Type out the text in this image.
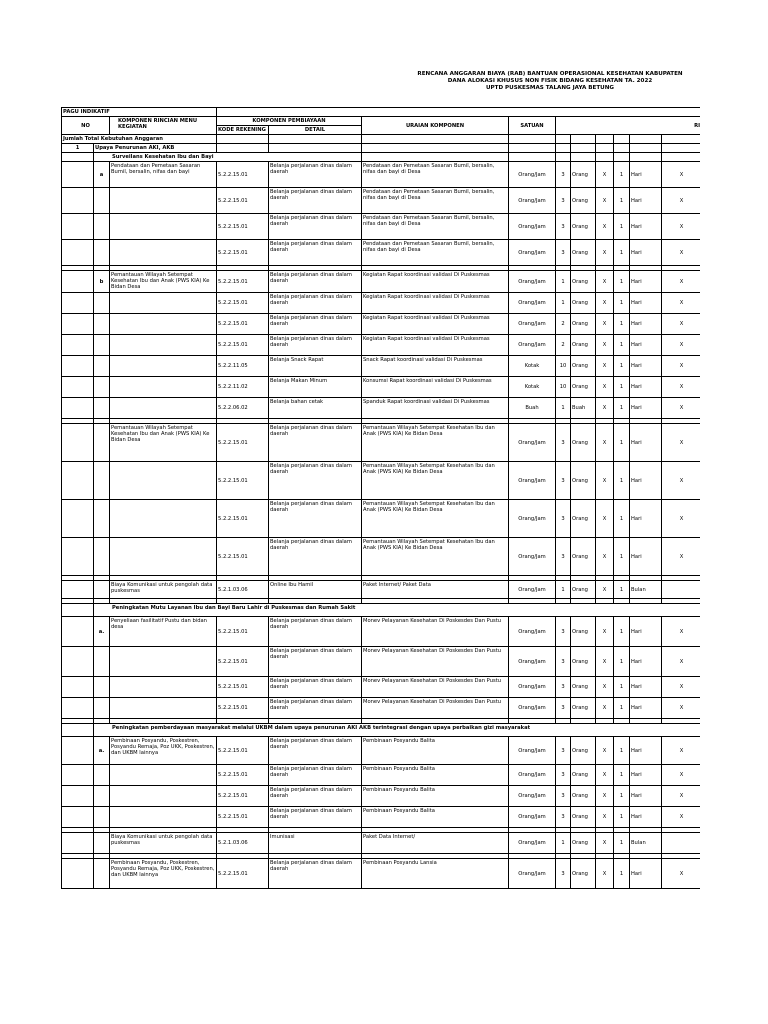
RENCANA ANGGARAN BIAYA (RAB) BANTUAN OPERASIONAL KESEHATAN KABUPATEN
DANA ALOKASI KHUSUS NON FISIK BIDANG KESEHATAN TA. 2022
UPTD PUSKESMAS TALANG JAYA BETUNG
PAGU INDIKATIF												
NO		KOMPONEN RINCIAN MENU KEGIATAN	KOMPONEN PEMBIAYAAN		URAIAN KOMPONEN	SATUAN	RI					
			KODE REKENING	DETAIL								
Jumlah Total Kebutuhan Anggaran												
1	Upaya Penurunan AKI, AKB											
	Surveilans Kesehatan Ibu dan Bayi											
	a	Pendataan dan Pemetaan Sasaran Bumil, bersalin, nifas dan bayi	5.2.2.15.01	Belanja perjalanan dinas dalam daerah	Pendataan dan Pemetaan Sasaran Bumil, bersalin, nifas dan bayi di Desa	Orang/Jam	3	Orang	X	1	Hari	X
			5.2.2.15.01	Belanja perjalanan dinas dalam daerah	Pendataan dan Pemetaan Sasaran Bumil, bersalin, nifas dan bayi di Desa	Orang/Jam	3	Orang	X	1	Hari	X
			5.2.2.15.01	Belanja perjalanan dinas dalam daerah	Pendataan dan Pemetaan Sasaran Bumil, bersalin, nifas dan bayi di Desa	Orang/Jam	3	Orang	X	1	Hari	X
			5.2.2.15.01	Belanja perjalanan dinas dalam daerah	Pendataan dan Pemetaan Sasaran Bumil, bersalin, nifas dan bayi di Desa	Orang/Jam	3	Orang	X	1	Hari	X

	b	Pemantauan Wilayah Setempat Kesehatan Ibu dan Anak (PWS KIA) Ke Bidan Desa	5.2.2.15.01	Belanja perjalanan dinas dalam daerah	Kegiatan Rapat koordinasi validasi Di Puskesmas	Orang/Jam	1	Orang	X	1	Hari	X
			5.2.2.15.01	Belanja perjalanan dinas dalam daerah	Kegiatan Rapat koordinasi validasi Di Puskesmas	Orang/Jam	1	Orang	X	1	Hari	X
			5.2.2.15.01	Belanja perjalanan dinas dalam daerah	Kegiatan Rapat koordinasi validasi Di Puskesmas	Orang/Jam	2	Orang	X	1	Hari	X
			5.2.2.15.01	Belanja perjalanan dinas dalam daerah	Kegiatan Rapat koordinasi validasi Di Puskesmas	Orang/Jam	2	Orang	X	1	Hari	X
			5.2.2.11.05	Belanja Snack Rapat	Snack Rapat koordinasi validasi Di Puskesmas	Kotak	10	Orang	X	1	Hari	X
			5.2.2.11.02	Belanja Makan Minum	Konsumsi Rapat koordinasi validasi Di Puskesmas	Kotak	10	Orang	X	1	Hari	X
			5.2.2.06.02	Belanja bahan cetak	Spanduk Rapat koordinasi validasi Di Puskesmas	Buah	1	Buah	X	1	Hari	X

		Pemantauan Wilayah Setempat Kesehatan Ibu dan Anak (PWS KIA) Ke Bidan Desa	5.2.2.15.01	Belanja perjalanan dinas dalam daerah	Pemantauan Wilayah Setempat Kesehatan Ibu dan Anak (PWS KIA) Ke Bidan Desa	Orang/Jam	3	Orang	X	1	Hari	X
			5.2.2.15.01	Belanja perjalanan dinas dalam daerah	Pemantauan Wilayah Setempat Kesehatan Ibu dan Anak (PWS KIA) Ke Bidan Desa	Orang/Jam	3	Orang	X	1	Hari	X
			5.2.2.15.01	Belanja perjalanan dinas dalam daerah	Pemantauan Wilayah Setempat Kesehatan Ibu dan Anak (PWS KIA) Ke Bidan Desa	Orang/Jam	3	Orang	X	1	Hari	X
			5.2.2.15.01	Belanja perjalanan dinas dalam daerah	Pemantauan Wilayah Setempat Kesehatan Ibu dan Anak (PWS KIA) Ke Bidan Desa	Orang/Jam	3	Orang	X	1	Hari	X

		Biaya Komunikasi untuk pengolah data puskesmas	5.2.1.03.06	Online Ibu Hamil	Paket Internet/ Paket Data	Orang/Jam	1	Orang	X	1	Bulan	

	Peningkatan Mutu Layanan Ibu dan Bayi Baru Lahir di Puskesmas dan Rumah Sakit											
	a.	Penyeliaan fasilitatif Pustu dan bidan desa	5.2.2.15.01	Belanja perjalanan dinas dalam daerah	Monev Pelayanan Kesehatan Di Poskesdes Dan Pustu	Orang/Jam	3	Orang	X	1	Hari	X
			5.2.2.15.01	Belanja perjalanan dinas dalam daerah	Monev Pelayanan Kesehatan Di Poskesdes Dan Pustu	Orang/Jam	3	Orang	X	1	Hari	X
			5.2.2.15.01	Belanja perjalanan dinas dalam daerah	Monev Pelayanan Kesehatan Di Poskesdes Dan Pustu	Orang/Jam	3	Orang	X	1	Hari	X
			5.2.2.15.01	Belanja perjalanan dinas dalam daerah	Monev Pelayanan Kesehatan Di Poskesdes Dan Pustu	Orang/Jam	3	Orang	X	1	Hari	X

	Peningkatan pemberdayaan masyarakat melalui UKBM dalam upaya penurunan AKI AKB terintegrasi dengan upaya perbaikan gizi masyarakat											
	a.	Pembinaan Posyandu, Poskestren, Posyandu Remaja, Poz UKK, Poskestren, dan UKBM lainnya	5.2.2.15.01	Belanja perjalanan dinas dalam daerah	Pembinaan Posyandu Balita	Orang/Jam	3	Orang	X	1	Hari	X
			5.2.2.15.01	Belanja perjalanan dinas dalam daerah	Pembinaan Posyandu Balita	Orang/Jam	3	Orang	X	1	Hari	X
			5.2.2.15.01	Belanja perjalanan dinas dalam daerah	Pembinaan Posyandu Balita	Orang/Jam	3	Orang	X	1	Hari	X
			5.2.2.15.01	Belanja perjalanan dinas dalam daerah	Pembinaan Posyandu Balita	Orang/Jam	3	Orang	X	1	Hari	X

		Biaya Komunikasi untuk pengolah data puskesmas	5.2.1.03.06	Imunisasi	Paket Data Internet/	Orang/Jam	1	Orang	X	1	Bulan	

		Pembinaan Posyandu, Poskestren, Posyandu Remaja, Poz UKK, Poskestren, dan UKBM lainnya	5.2.2.15.01	Belanja perjalanan dinas dalam daerah	Pembinaan Posyandu Lansia	Orang/Jam	3	Orang	X	1	Hari	X
